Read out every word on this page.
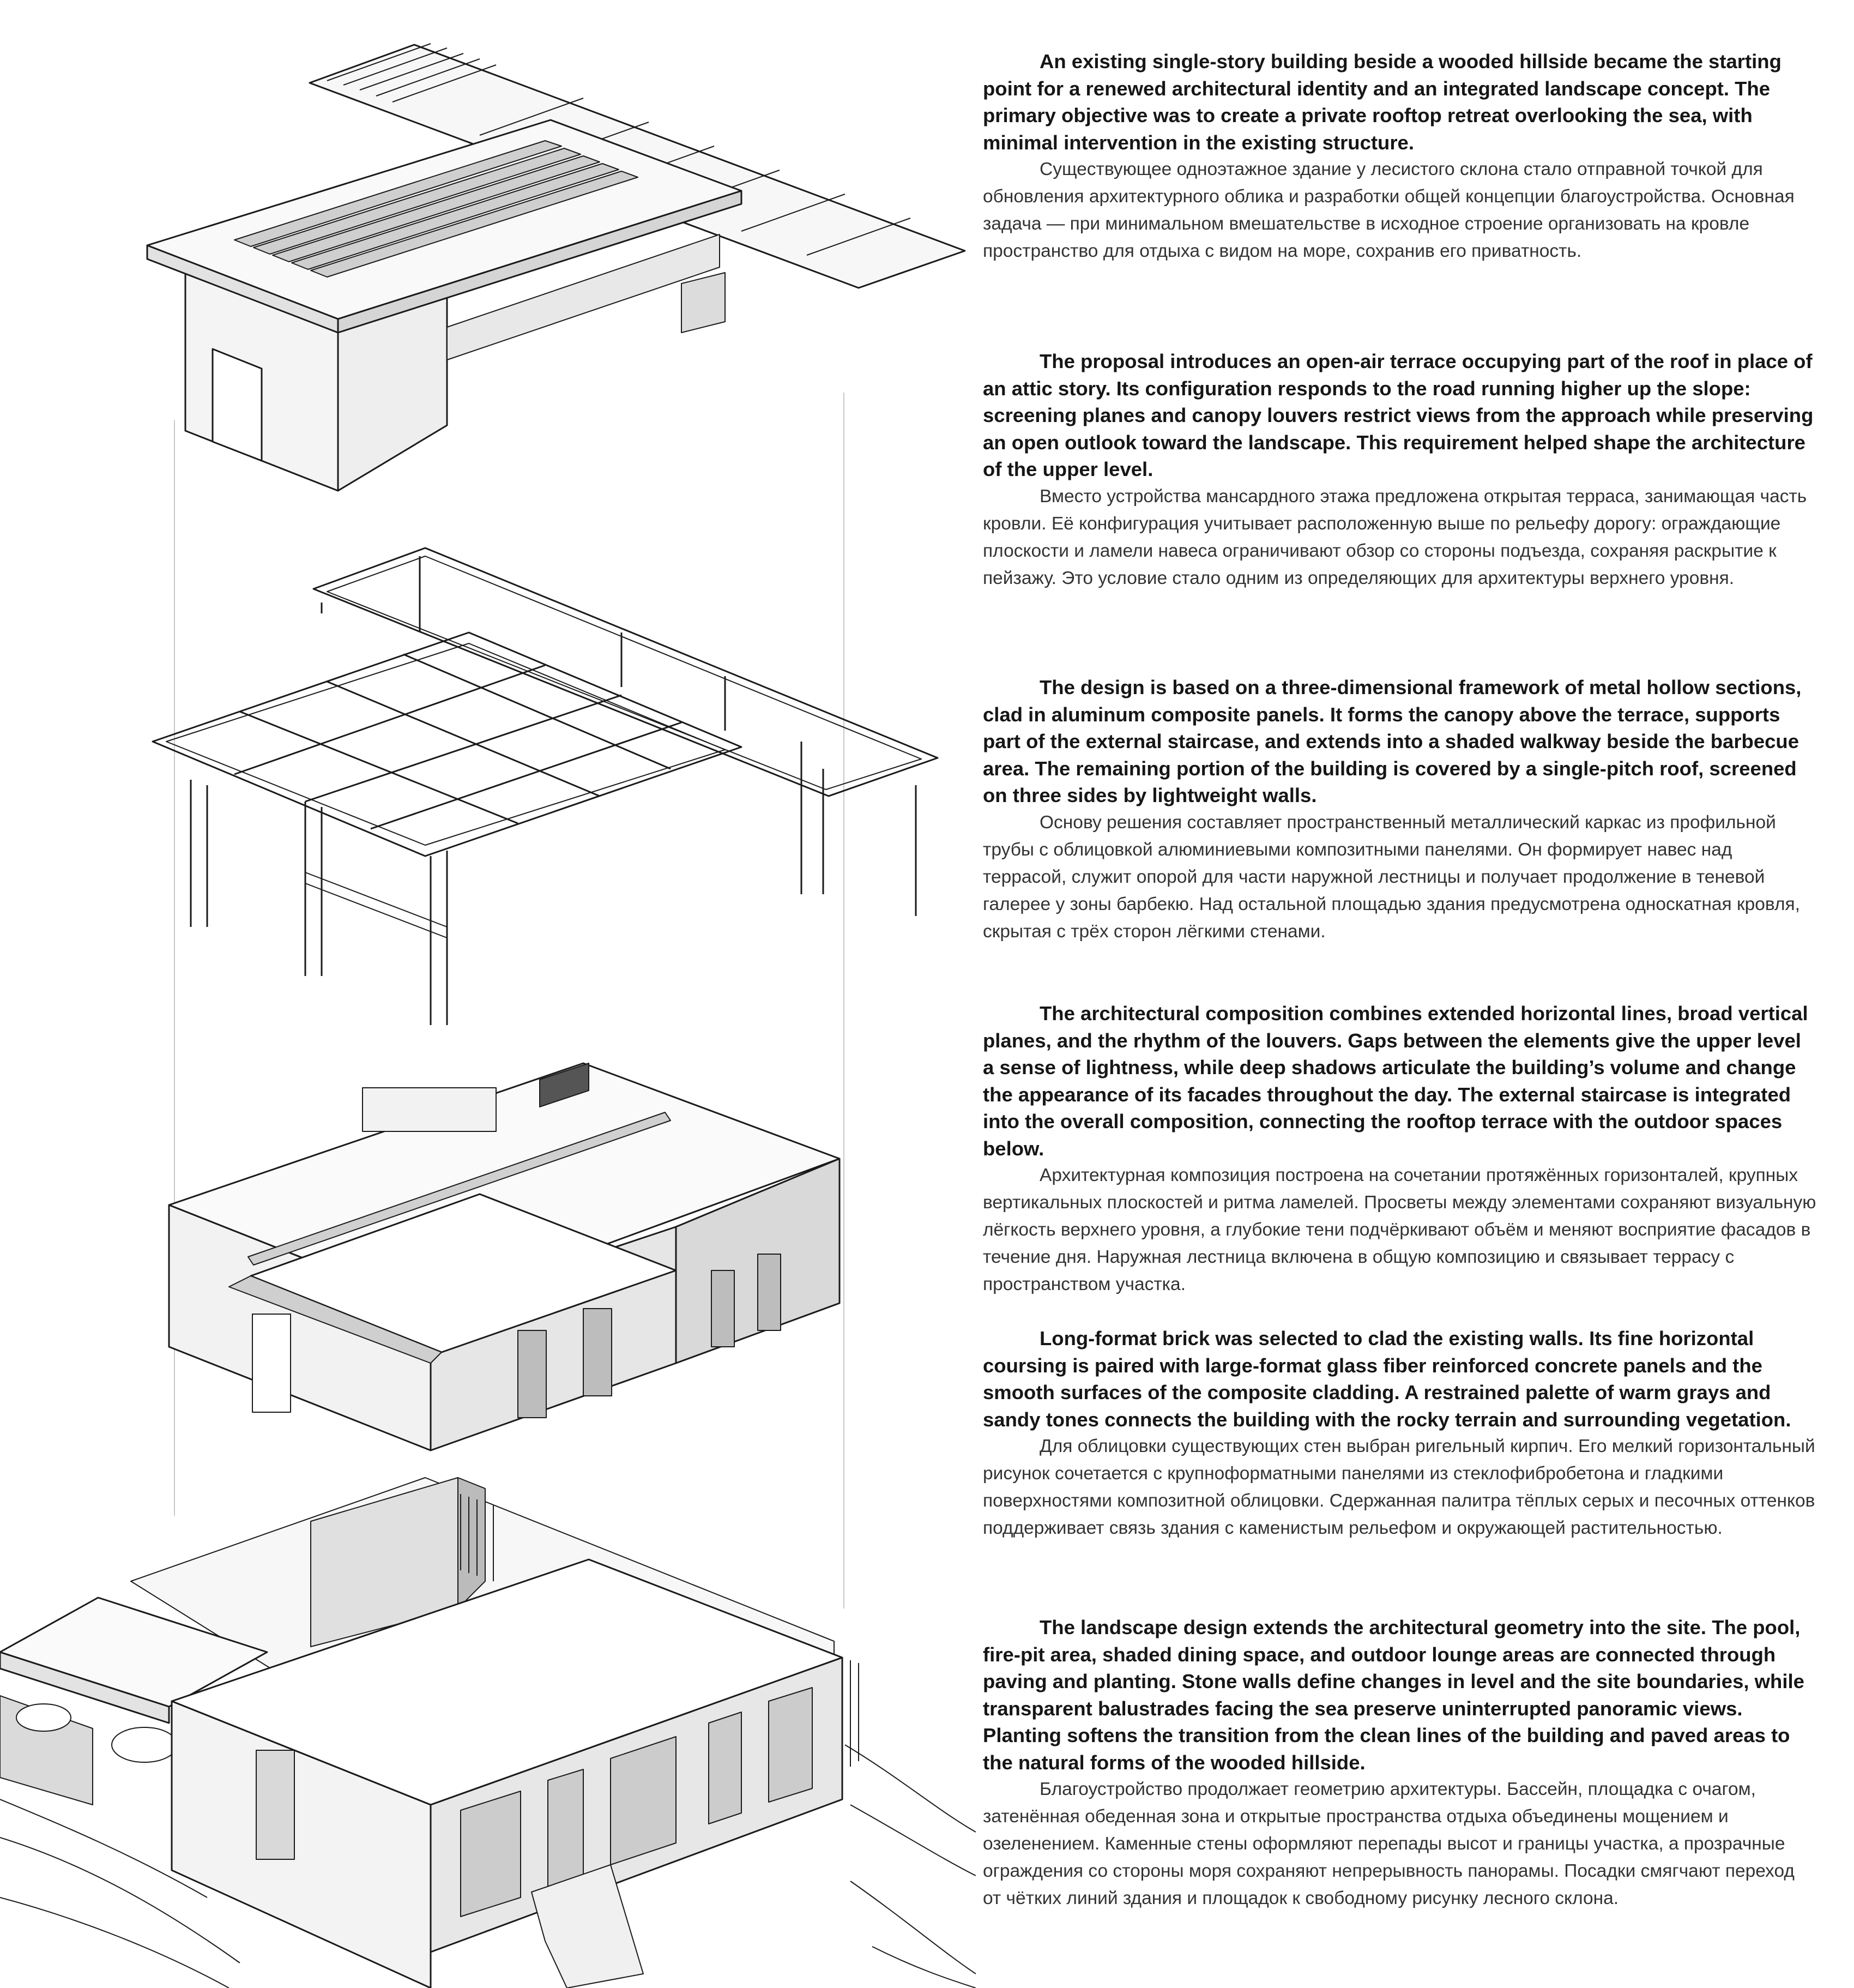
An existing single-story building beside a wooded hillside became the starting point for a renewed architectural identity and an integrated landscape concept. The primary objective was to create a private rooftop retreat overlooking the sea, with minimal intervention in the existing structure.

Существующее одноэтажное здание у лесистого склона стало отправной точкой для обновления архитектурного облика и разработки общей концепции благоустройства. Основная задача — при минимальном вмешательстве в исходное строение организовать на кровле пространство для отдыха с видом на море, сохранив его приватность.

The proposal introduces an open-air terrace occupying part of the roof in place of an attic story. Its configuration responds to the road running higher up the slope: screening planes and canopy louvers restrict views from the approach while preserving an open outlook toward the landscape. This requirement helped shape the architecture of the upper level.

Вместо устройства мансардного этажа предложена открытая терраса, занимающая часть кровли. Её конфигурация учитывает расположенную выше по рельефу дорогу: ограждающие плоскости и ламели навеса ограничивают обзор со стороны подъезда, сохраняя раскрытие к пейзажу. Это условие стало одним из определяющих для архитектуры верхнего уровня.

The design is based on a three-dimensional framework of metal hollow sections, clad in aluminum composite panels. It forms the canopy above the terrace, supports part of the external staircase, and extends into a shaded walkway beside the barbecue area. The remaining portion of the building is covered by a single-pitch roof, screened on three sides by lightweight walls.

Основу решения составляет пространственный металлический каркас из профильной трубы с облицовкой алюминиевыми композитными панелями. Он формирует навес над террасой, служит опорой для части наружной лестницы и получает продолжение в теневой галерее у зоны барбекю. Над остальной площадью здания предусмотрена односкатная кровля, скрытая с трёх сторон лёгкими стенами.

The architectural composition combines extended horizontal lines, broad vertical planes, and the rhythm of the louvers. Gaps between the elements give the upper level a sense of lightness, while deep shadows articulate the building’s volume and change the appearance of its facades throughout the day. The external staircase is integrated into the overall composition, connecting the rooftop terrace with the outdoor spaces below.

Архитектурная композиция построена на сочетании протяжённых горизонталей, крупных вертикальных плоскостей и ритма ламелей. Просветы между элементами сохраняют визуальную лёгкость верхнего уровня, а глубокие тени подчёркивают объём и меняют восприятие фасадов в течение дня. Наружная лестница включена в общую композицию и связывает террасу с пространством участка.

Long-format brick was selected to clad the existing walls. Its fine horizontal coursing is paired with large-format glass fiber reinforced concrete panels and the smooth surfaces of the composite cladding. A restrained palette of warm grays and sandy tones connects the building with the rocky terrain and surrounding vegetation.

Для облицовки существующих стен выбран ригельный кирпич. Его мелкий горизонтальный рисунок сочетается с крупноформатными панелями из стеклофибробетона и гладкими поверхностями композитной облицовки. Сдержанная палитра тёплых серых и песочных оттенков поддерживает связь здания с каменистым рельефом и окружающей растительностью.

The landscape design extends the architectural geometry into the site. The pool, fire-pit area, shaded dining space, and outdoor lounge areas are connected through paving and planting. Stone walls define changes in level and the site boundaries, while transparent balustrades facing the sea preserve uninterrupted panoramic views. Planting softens the transition from the clean lines of the building and paved areas to the natural forms of the wooded hillside.

Благоустройство продолжает геометрию архитектуры. Бассейн, площадка с очагом, затенённая обеденная зона и открытые пространства отдыха объединены мощением и озеленением. Каменные стены оформляют перепады высот и границы участка, а прозрачные ограждения со стороны моря сохраняют непрерывность панорамы. Посадки смягчают переход от чётких линий здания и площадок к свободному рисунку лесного склона.
